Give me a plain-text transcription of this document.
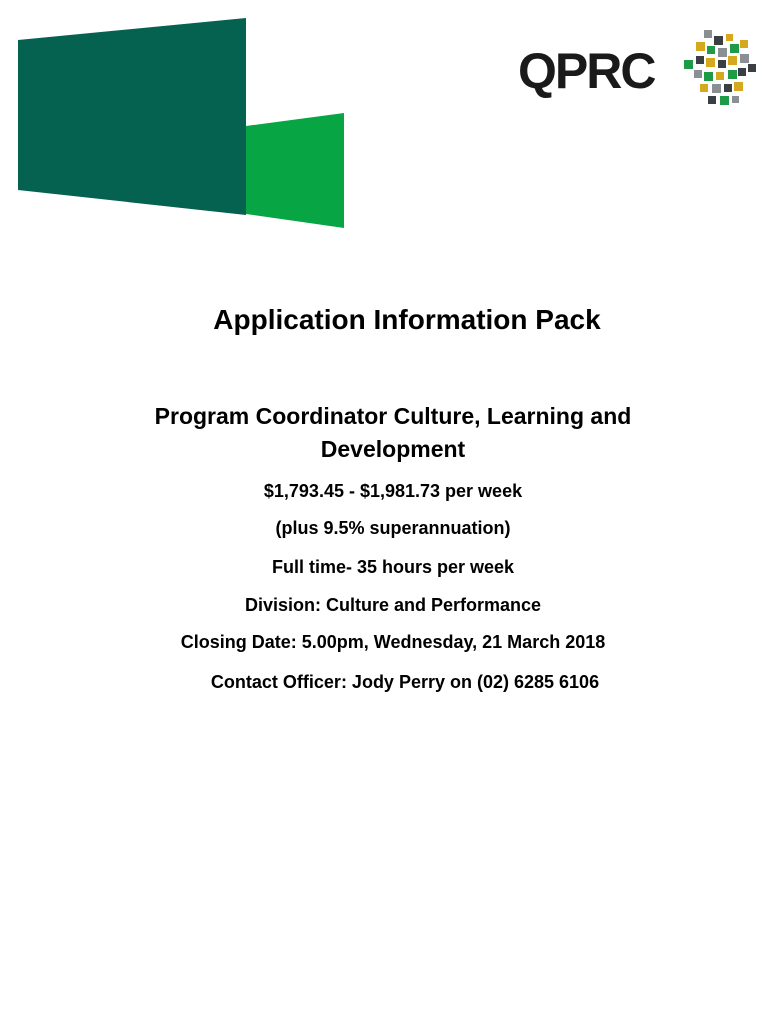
QPRC
Application Information Pack
Program Coordinator Culture, Learning and Development

$1,793.45 - $1,981.73 per week

(plus 9.5% superannuation)

Full time- 35 hours per week

Division: Culture and Performance

Closing Date: 5.00pm, Wednesday, 21 March 2018

Contact Officer: Jody Perry on (02) 6285 6106
